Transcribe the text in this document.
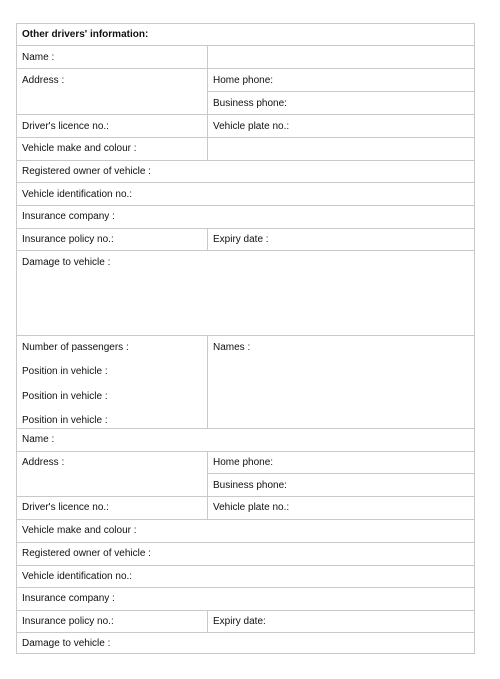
Other drivers' information:
Name :
Address :	Home phone:
Business phone:
Driver's licence no.:	Vehicle plate no.:
Vehicle make and colour :
Registered owner of vehicle :
Vehicle identification no.:
Insurance company :
Insurance policy no.:	Expiry date :
Damage to vehicle :
Number of passengers :	Names :
Position in vehicle :
Position in vehicle :
Position in vehicle :
Name :
Address :	Home phone:
Business phone:
Driver's licence no.:	Vehicle plate no.:
Vehicle make and colour :
Registered owner of vehicle :
Vehicle identification no.:
Insurance company :
Insurance policy no.:	Expiry date:
Damage to vehicle :
